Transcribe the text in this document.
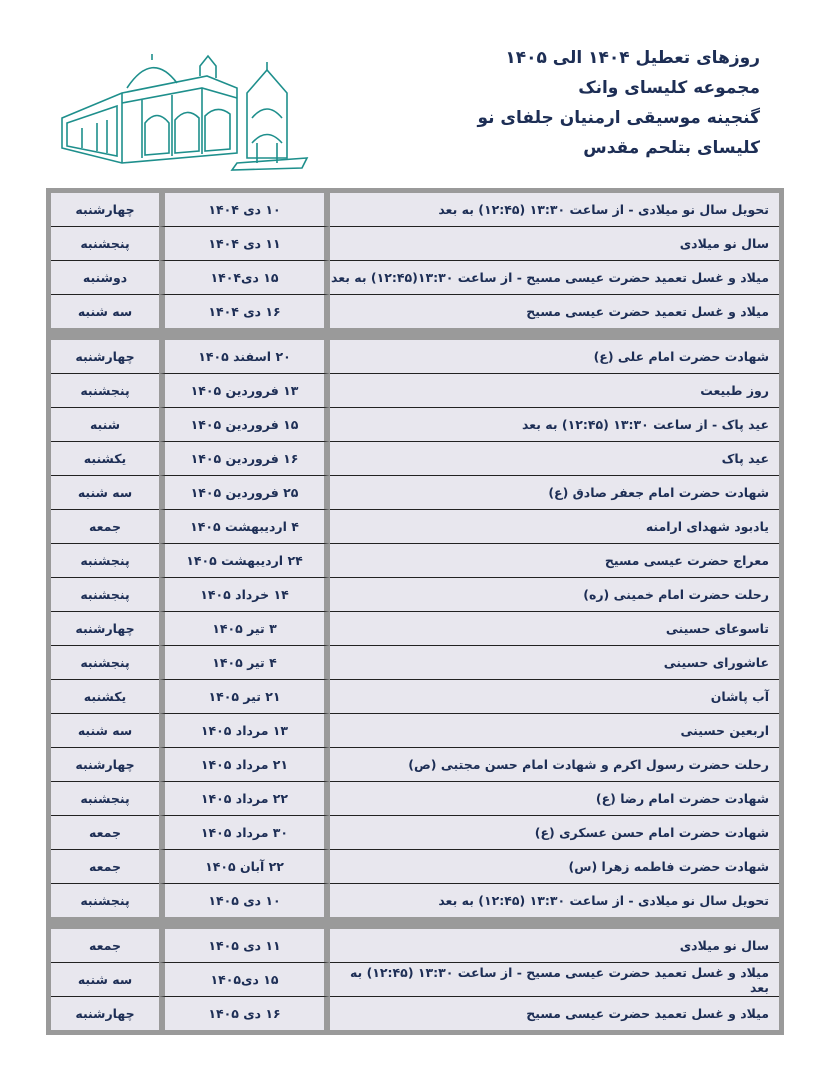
روزهای تعطیل ۱۴۰۴ الی ۱۴۰۵
مجموعه کلیسای وانک
گنجینه موسیقی ارمنیان جلفای نو
کلیسای بتلحم مقدس
چهارشنبه	۱۰ دی ۱۴۰۴	تحویل سال نو میلادی - از ساعت ۱۳:۳۰ (۱۲:۴۵) به بعد
پنجشنبه	۱۱ دی ۱۴۰۴	سال نو میلادی
دوشنبه	۱۵ دی۱۴۰۴	میلاد و غسل تعمید حضرت عیسی مسیح - از ساعت ۱۳:۳۰(۱۲:۴۵) به بعد
سه شنبه	۱۶ دی ۱۴۰۴	میلاد و غسل تعمید حضرت عیسی مسیح
چهارشنبه	۲۰ اسفند ۱۴۰۵	شهادت حضرت امام علی (ع)
پنجشنبه	۱۳ فروردین ۱۴۰۵	روز طبیعت
شنبه	۱۵ فروردین ۱۴۰۵	عید پاک - از ساعت ۱۳:۳۰ (۱۲:۴۵) به بعد
یکشنبه	۱۶ فروردین ۱۴۰۵	عید پاک
سه شنبه	۲۵ فروردین ۱۴۰۵	شهادت حضرت امام جعفر صادق (ع)
جمعه	۴ اردیبهشت ۱۴۰۵	یادبود شهدای ارامنه
پنجشنبه	۲۴ اردیبهشت ۱۴۰۵	معراج حضرت عیسی مسیح
پنجشنبه	۱۴ خرداد ۱۴۰۵	رحلت حضرت امام خمینی (ره)
چهارشنبه	۳ تیر ۱۴۰۵	تاسوعای حسینی
پنجشنبه	۴ تیر ۱۴۰۵	عاشورای حسینی
یکشنبه	۲۱ تیر ۱۴۰۵	آب پاشان
سه شنبه	۱۳ مرداد ۱۴۰۵	اربعین حسینی
چهارشنبه	۲۱ مرداد ۱۴۰۵	رحلت حضرت رسول اکرم و شهادت امام حسن مجتبی (ص)
پنجشنبه	۲۲ مرداد ۱۴۰۵	شهادت حضرت امام رضا (ع)
جمعه	۳۰ مرداد ۱۴۰۵	شهادت حضرت امام حسن عسکری (ع)
جمعه	۲۲ آبان ۱۴۰۵	شهادت حضرت فاطمه زهرا (س)
پنجشنبه	۱۰ دی ۱۴۰۵	تحویل سال نو میلادی - از ساعت ۱۳:۳۰ (۱۲:۴۵) به بعد
جمعه	۱۱ دی ۱۴۰۵	سال نو میلادی
سه شنبه	۱۵ دی۱۴۰۵	میلاد و غسل تعمید حضرت عیسی مسیح - از ساعت ۱۳:۳۰ (۱۲:۴۵) به بعد
چهارشنبه	۱۶ دی ۱۴۰۵	میلاد و غسل تعمید حضرت عیسی مسیح
